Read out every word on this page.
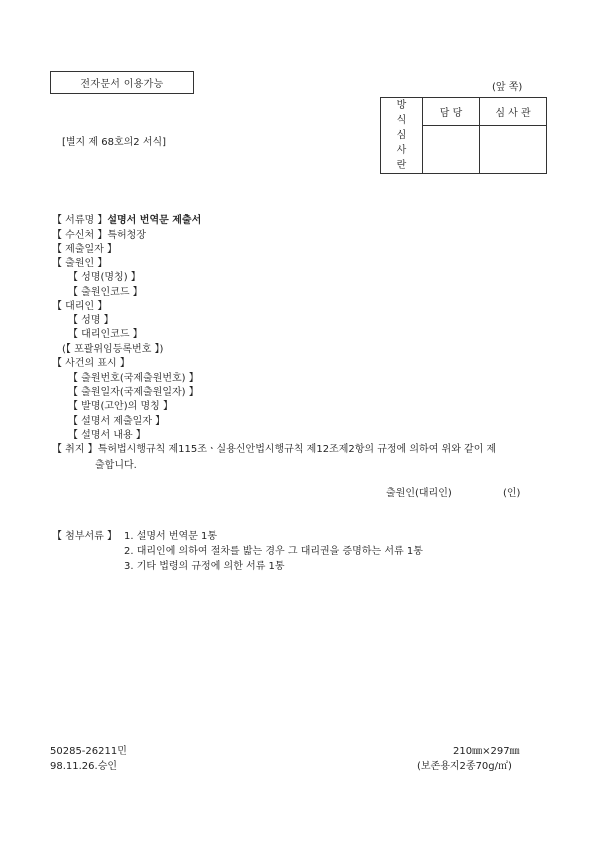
전자문서 이용가능	(앞 쪽)
[별지 제 68호의2 서식]
방
식
심
사
란	담 당	심 사 관

【 서류명 】설명서 번역문 제출서
【 수신처 】특허청장
【 제출일자 】
【 출원인 】
【 성명(명칭) 】
【 출원인코드 】
【 대리인 】
【 성명 】
【 대리인코드 】
(【 포괄위임등록번호 】)
【 사건의 표시 】
【 출원번호(국제출원번호) 】
【 출원일자(국제출원일자) 】
【 발명(고안)의 명칭 】
【 설명서 제출일자 】
【 설명서 내용 】
【 취지 】특허법시행규칙 제115조ㆍ실용신안법시행규칙 제12조제2항의 규정에 의하여 위와 같이 제
출합니다.
출원인(대리인)	(인)
【 첨부서류 】 1. 설명서 번역문 1통
2. 대리인에 의하여 절차를 밟는 경우 그 대리권을 증명하는 서류 1통
3. 기타 법령의 규정에 의한 서류 1통
50285-26211민
98.11.26.승인
210㎜×297㎜
(보존용지2종70g/㎡)
